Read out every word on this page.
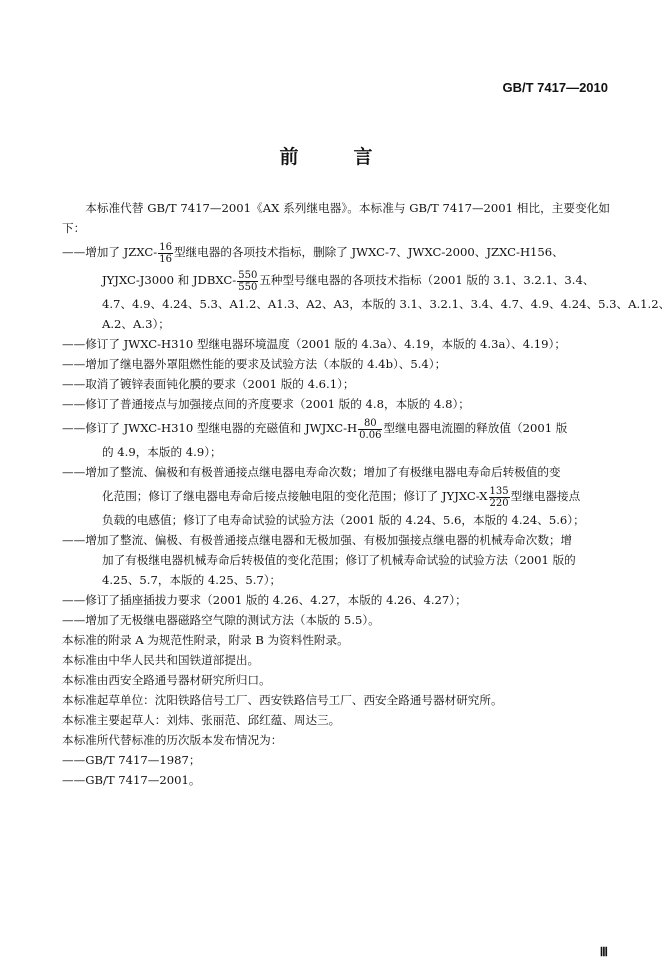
GB/T 7417—2010
前　言

本标准代替 GB/T 7417—2001《AX 系列继电器》。本标准与 GB/T 7417—2001 相比，主要变化如下：

——增加了 JZXC- $\frac{16}{16}$ 型继电器的各项技术指标，删除了 JWXC-7、JWXC-2000、JZXC-H156、

JYJXC-J3000 和 JDBXC- $\frac{550}{550}$ 五种型号继电器的各项技术指标（2001 版的 3.1、3.2.1、3.4、

4.7、4.9、4.24、5.3、A1.2、A1.3、A2、A3，本版的 3.1、3.2.1、3.4、4.7、4.9、4.24、5.3、A.1.2、

A.2、A.3）；

——修订了 JWXC-H310 型继电器环境温度（2001 版的 4.3a）、4.19，本版的 4.3a）、4.19）；

——增加了继电器外罩阻燃性能的要求及试验方法（本版的 4.4b）、5.4）；

——取消了镀锌表面钝化膜的要求（2001 版的 4.6.1）；

——修订了普通接点与加强接点间的齐度要求（2001 版的 4.8，本版的 4.8）；

——修订了 JWXC-H310 型继电器的充磁值和 JWJXC-H $\frac{80}{0.06}$ 型继电器电流圈的释放值（2001 版

的 4.9，本版的 4.9）；

——增加了整流、偏极和有极普通接点继电器电寿命次数；增加了有极继电器电寿命后转极值的变

化范围；修订了继电器电寿命后接点接触电阻的变化范围；修订了 JYJXC-X $\frac{135}{220}$ 型继电器接点

负载的电感值；修订了电寿命试验的试验方法（2001 版的 4.24、5.6，本版的 4.24、5.6）；

——增加了整流、偏极、有极普通接点继电器和无极加强、有极加强接点继电器的机械寿命次数；增

加了有极继电器机械寿命后转极值的变化范围；修订了机械寿命试验的试验方法（2001 版的

4.25、5.7，本版的 4.25、5.7）；

——修订了插座插拔力要求（2001 版的 4.26、4.27，本版的 4.26、4.27）；

——增加了无极继电器磁路空气隙的测试方法（本版的 5.5）。

本标准的附录 A 为规范性附录，附录 B 为资料性附录。

本标准由中华人民共和国铁道部提出。

本标准由西安全路通号器材研究所归口。

本标准起草单位：沈阳铁路信号工厂、西安铁路信号工厂、西安全路通号器材研究所。

本标准主要起草人：刘炜、张丽范、邱红蕴、周达三。

本标准所代替标准的历次版本发布情况为：

——GB/T 7417—1987；

——GB/T 7417—2001。

Ⅲ
